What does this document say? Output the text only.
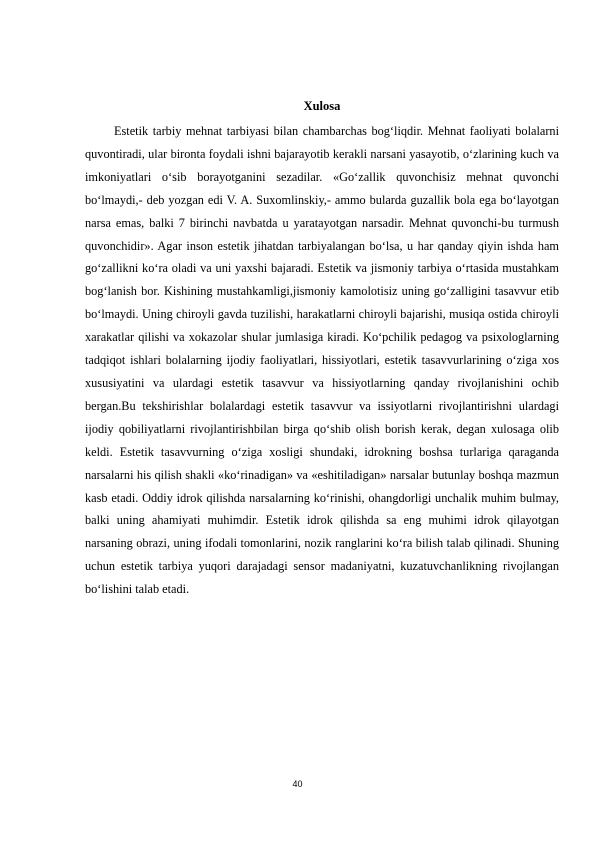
Xulosa

Estetik tarbiy mehnat tarbiyasi bilan chambarchas bog‘liqdir. Mehnat faoliyati bolalarni quvontiradi, ular bironta foydali ishni bajarayotib kerakli narsani yasayotib, o‘zlarining kuch va imkoniyatlari o‘sib borayotganini sezadilar. «Go‘zallik quvonchisiz mehnat quvonchi bo‘lmaydi,- deb yozgan edi V. A. Suxomlinskiy,- ammo bularda guzallik bola ega bo‘layotgan narsa emas, balki 7 birinchi navbatda u yaratayotgan narsadir. Mehnat quvonchi-bu turmush quvonchidir». Agar inson estetik jihatdan tarbiyalangan bo‘lsa, u har qanday qiyin ishda ham go‘zallikni ko‘ra oladi va uni yaxshi bajaradi. Estetik va jismoniy tarbiya o‘rtasida mustahkam bog‘lanish bor. Kishining mustahkamligi,jismoniy kamolotisiz uning go‘zalligini tasavvur etib bo‘lmaydi. Uning chiroyli gavda tuzilishi, harakatlarni chiroyli bajarishi, musiqa ostida chiroyli xarakatlar qilishi va xokazolar shular jumlasiga kiradi. Ko‘pchilik pedagog va psixologlarning tadqiqot ishlari bolalarning ijodiy faoliyatlari, hissiyotlari, estetik tasavvurlarining o‘ziga xos xususiyatini va ulardagi estetik tasavvur va hissiyotlarning qanday rivojlanishini ochib bergan.Bu tekshirishlar bolalardagi estetik tasavvur va issiyotlarni rivojlantirishni ulardagi ijodiy qobiliyatlarni rivojlantirishbilan birga qo‘shib olish borish kerak, degan xulosaga olib keldi. Estetik tasavvurning o‘ziga xosligi shundaki, idrokning boshsa turlariga qaraganda narsalarni his qilish shakli «ko‘rinadigan» va «eshitiladigan» narsalar butunlay boshqa mazmun kasb etadi. Oddiy idrok qilishda narsalarning ko‘rinishi, ohangdorligi unchalik muhim bulmay, balki uning ahamiyati muhimdir. Estetik idrok qilishda sa eng muhimi idrok qilayotgan narsaning obrazi, uning ifodali tomonlarini, nozik ranglarini ko‘ra bilish talab qilinadi. Shuning uchun estetik tarbiya yuqori darajadagi sensor madaniyatni, kuzatuvchanlikning rivojlangan bo‘lishini talab etadi.

40
